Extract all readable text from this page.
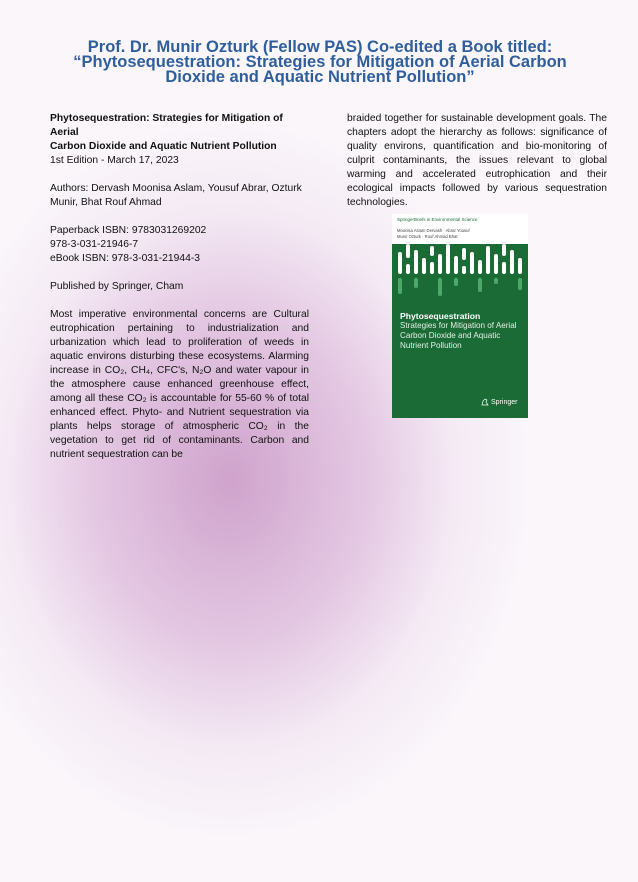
Prof. Dr. Munir Ozturk (Fellow PAS) Co-edited a Book titled:
“Phytosequestration: Strategies for Mitigation of Aerial Carbon
Dioxide and Aquatic Nutrient Pollution”

Phytosequestration: Strategies for Mitigation of Aerial
Carbon Dioxide and Aquatic Nutrient Pollution
1st Edition - March 17, 2023

Authors: Dervash Moonisa Aslam, Yousuf Abrar, Ozturk
Munir, Bhat Rouf Ahmad

Paperback ISBN: 9783031269202
978-3-031-21946-7
eBook ISBN: 978-3-031-21944-3

Published by Springer, Cham

Most imperative environmental concerns are Cultural eutrophication pertaining to industrialization and urbanization which lead to proliferation of weeds in aquatic environs disturbing these ecosystems. Alarming increase in CO₂, CH₄, CFC's, N₂O and water vapour in the atmosphere cause enhanced greenhouse effect, among all these CO₂ is accountable for 55-60 % of total enhanced effect. Phyto- and Nutrient sequestration via plants helps storage of atmospheric CO₂ in the vegetation to get rid of contaminants. Carbon and nutrient sequestration can be

braided together for sustainable development goals. The chapters adopt the hierarchy as follows: significance of quality environs, quantification and bio-monitoring of culprit contaminants, the issues relevant to global warming and accelerated eutrophication and their ecological impacts followed by various sequestration technologies.

SpringerBriefs in Environmental Science
Moonisa Aslam Dervash · Abrar Yousuf
Munir Ozturk · Rouf Ahmad Bhat
Phytosequestration
Strategies for Mitigation of Aerial Carbon Dioxide and Aquatic Nutrient Pollution
Springer
